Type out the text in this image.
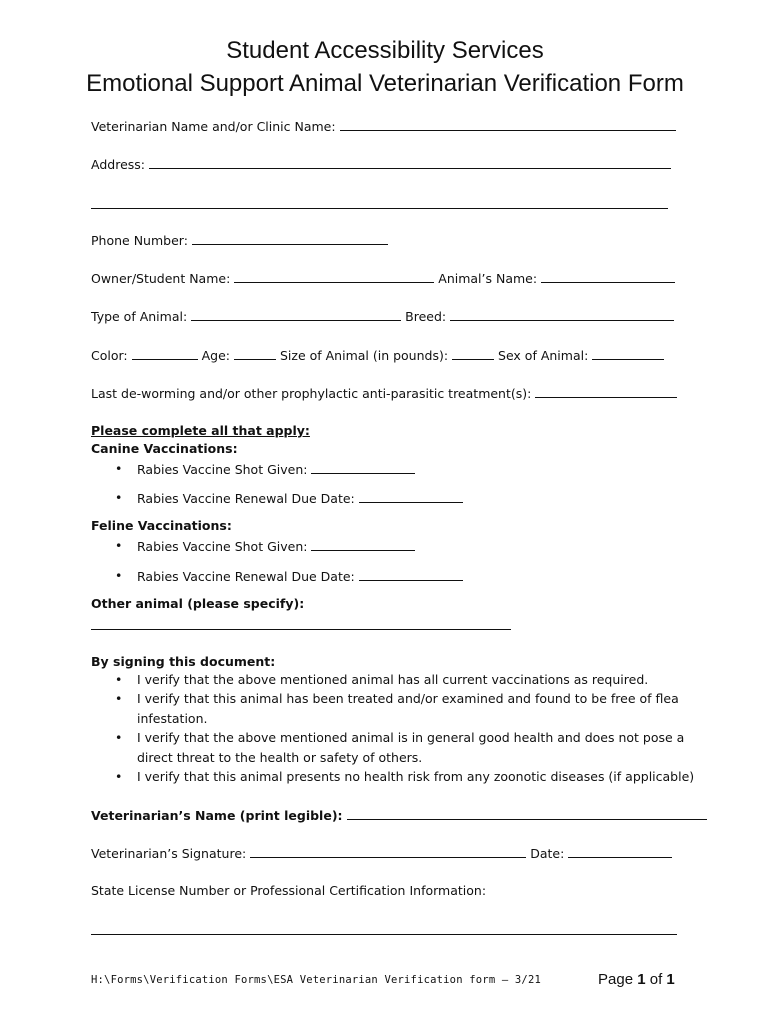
Student Accessibility Services
Emotional Support Animal Veterinarian Verification Form
Veterinarian Name and/or Clinic Name:
Address:
Phone Number:
Owner/Student Name:	Animal’s Name:
Type of Animal:	Breed:
Color:	Age:	Size of Animal (in pounds):	Sex of Animal:
Last de-worming and/or other prophylactic anti-parasitic treatment(s):
Please complete all that apply:
Canine Vaccinations:
• Rabies Vaccine Shot Given:
• Rabies Vaccine Renewal Due Date:
Feline Vaccinations:
• Rabies Vaccine Shot Given:
• Rabies Vaccine Renewal Due Date:
Other animal (please specify):
By signing this document:
• I verify that the above mentioned animal has all current vaccinations as required.
• I verify that this animal has been treated and/or examined and found to be free of flea
infestation.
• I verify that the above mentioned animal is in general good health and does not pose a
direct threat to the health or safety of others.
• I verify that this animal presents no health risk from any zoonotic diseases (if applicable)
Veterinarian’s Name (print legible):
Veterinarian’s Signature:	Date:
State License Number or Professional Certification Information:
H:\Forms\Verification Forms\ESA Veterinarian Verification form – 3/21	Page 1 of 1
